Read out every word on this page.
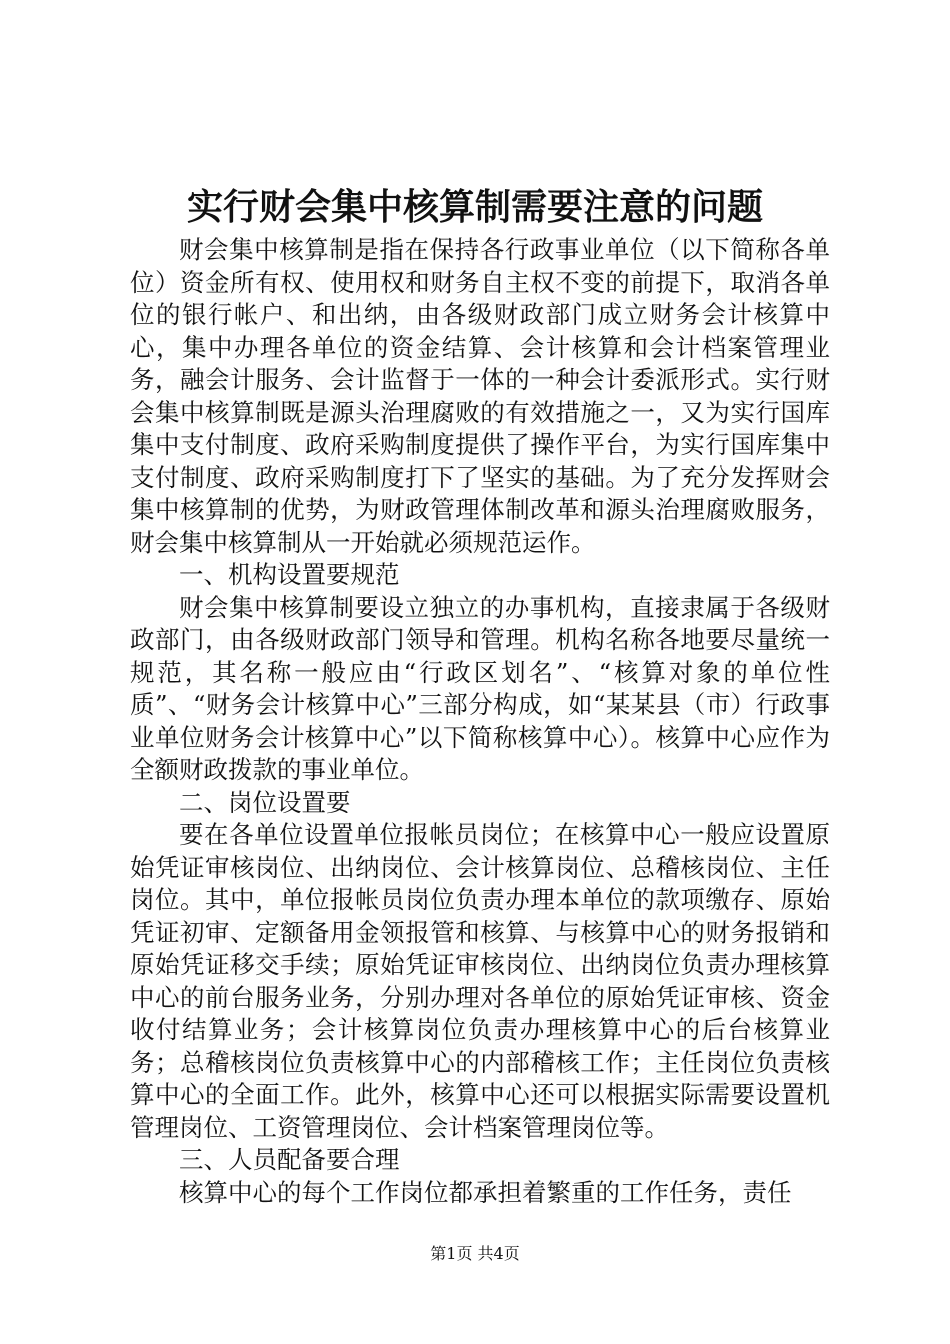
实行财会集中核算制需要注意的问题

财会集中核算制是指在保持各行政事业单位（以下简称各单位）资金所有权、使用权和财务自主权不变的前提下，取消各单位的银行帐户、和出纳，由各级财政部门成立财务会计核算中心，集中办理各单位的资金结算、会计核算和会计档案管理业务，融会计服务、会计监督于一体的一种会计委派形式。实行财会集中核算制既是源头治理腐败的有效措施之一，又为实行国库集中支付制度、政府采购制度提供了操作平台，为实行国库集中支付制度、政府采购制度打下了坚实的基础。为了充分发挥财会集中核算制的优势，为财政管理体制改革和源头治理腐败服务，财会集中核算制从一开始就必须规范运作。

一、机构设置要规范

财会集中核算制要设立独立的办事机构，直接隶属于各级财政部门，由各级财政部门领导和管理。机构名称各地要尽量统一规范，其名称一般应由“行政区划名”、“核算对象的单位性质”、“财务会计核算中心”三部分构成，如“某某县（市）行政事业单位财务会计核算中心”以下简称核算中心）。核算中心应作为全额财政拨款的事业单位。

二、岗位设置要

要在各单位设置单位报帐员岗位；在核算中心一般应设置原始凭证审核岗位、出纳岗位、会计核算岗位、总稽核岗位、主任岗位。其中，单位报帐员岗位负责办理本单位的款项缴存、原始凭证初审、定额备用金领报管和核算、与核算中心的财务报销和原始凭证移交手续；原始凭证审核岗位、出纳岗位负责办理核算中心的前台服务业务，分别办理对各单位的原始凭证审核、资金收付结算业务；会计核算岗位负责办理核算中心的后台核算业务；总稽核岗位负责核算中心的内部稽核工作；主任岗位负责核算中心的全面工作。此外，核算中心还可以根据实际需要设置机管理岗位、工资管理岗位、会计档案管理岗位等。

三、人员配备要合理

核算中心的每个工作岗位都承担着繁重的工作任务，责任

第1页 共4页
